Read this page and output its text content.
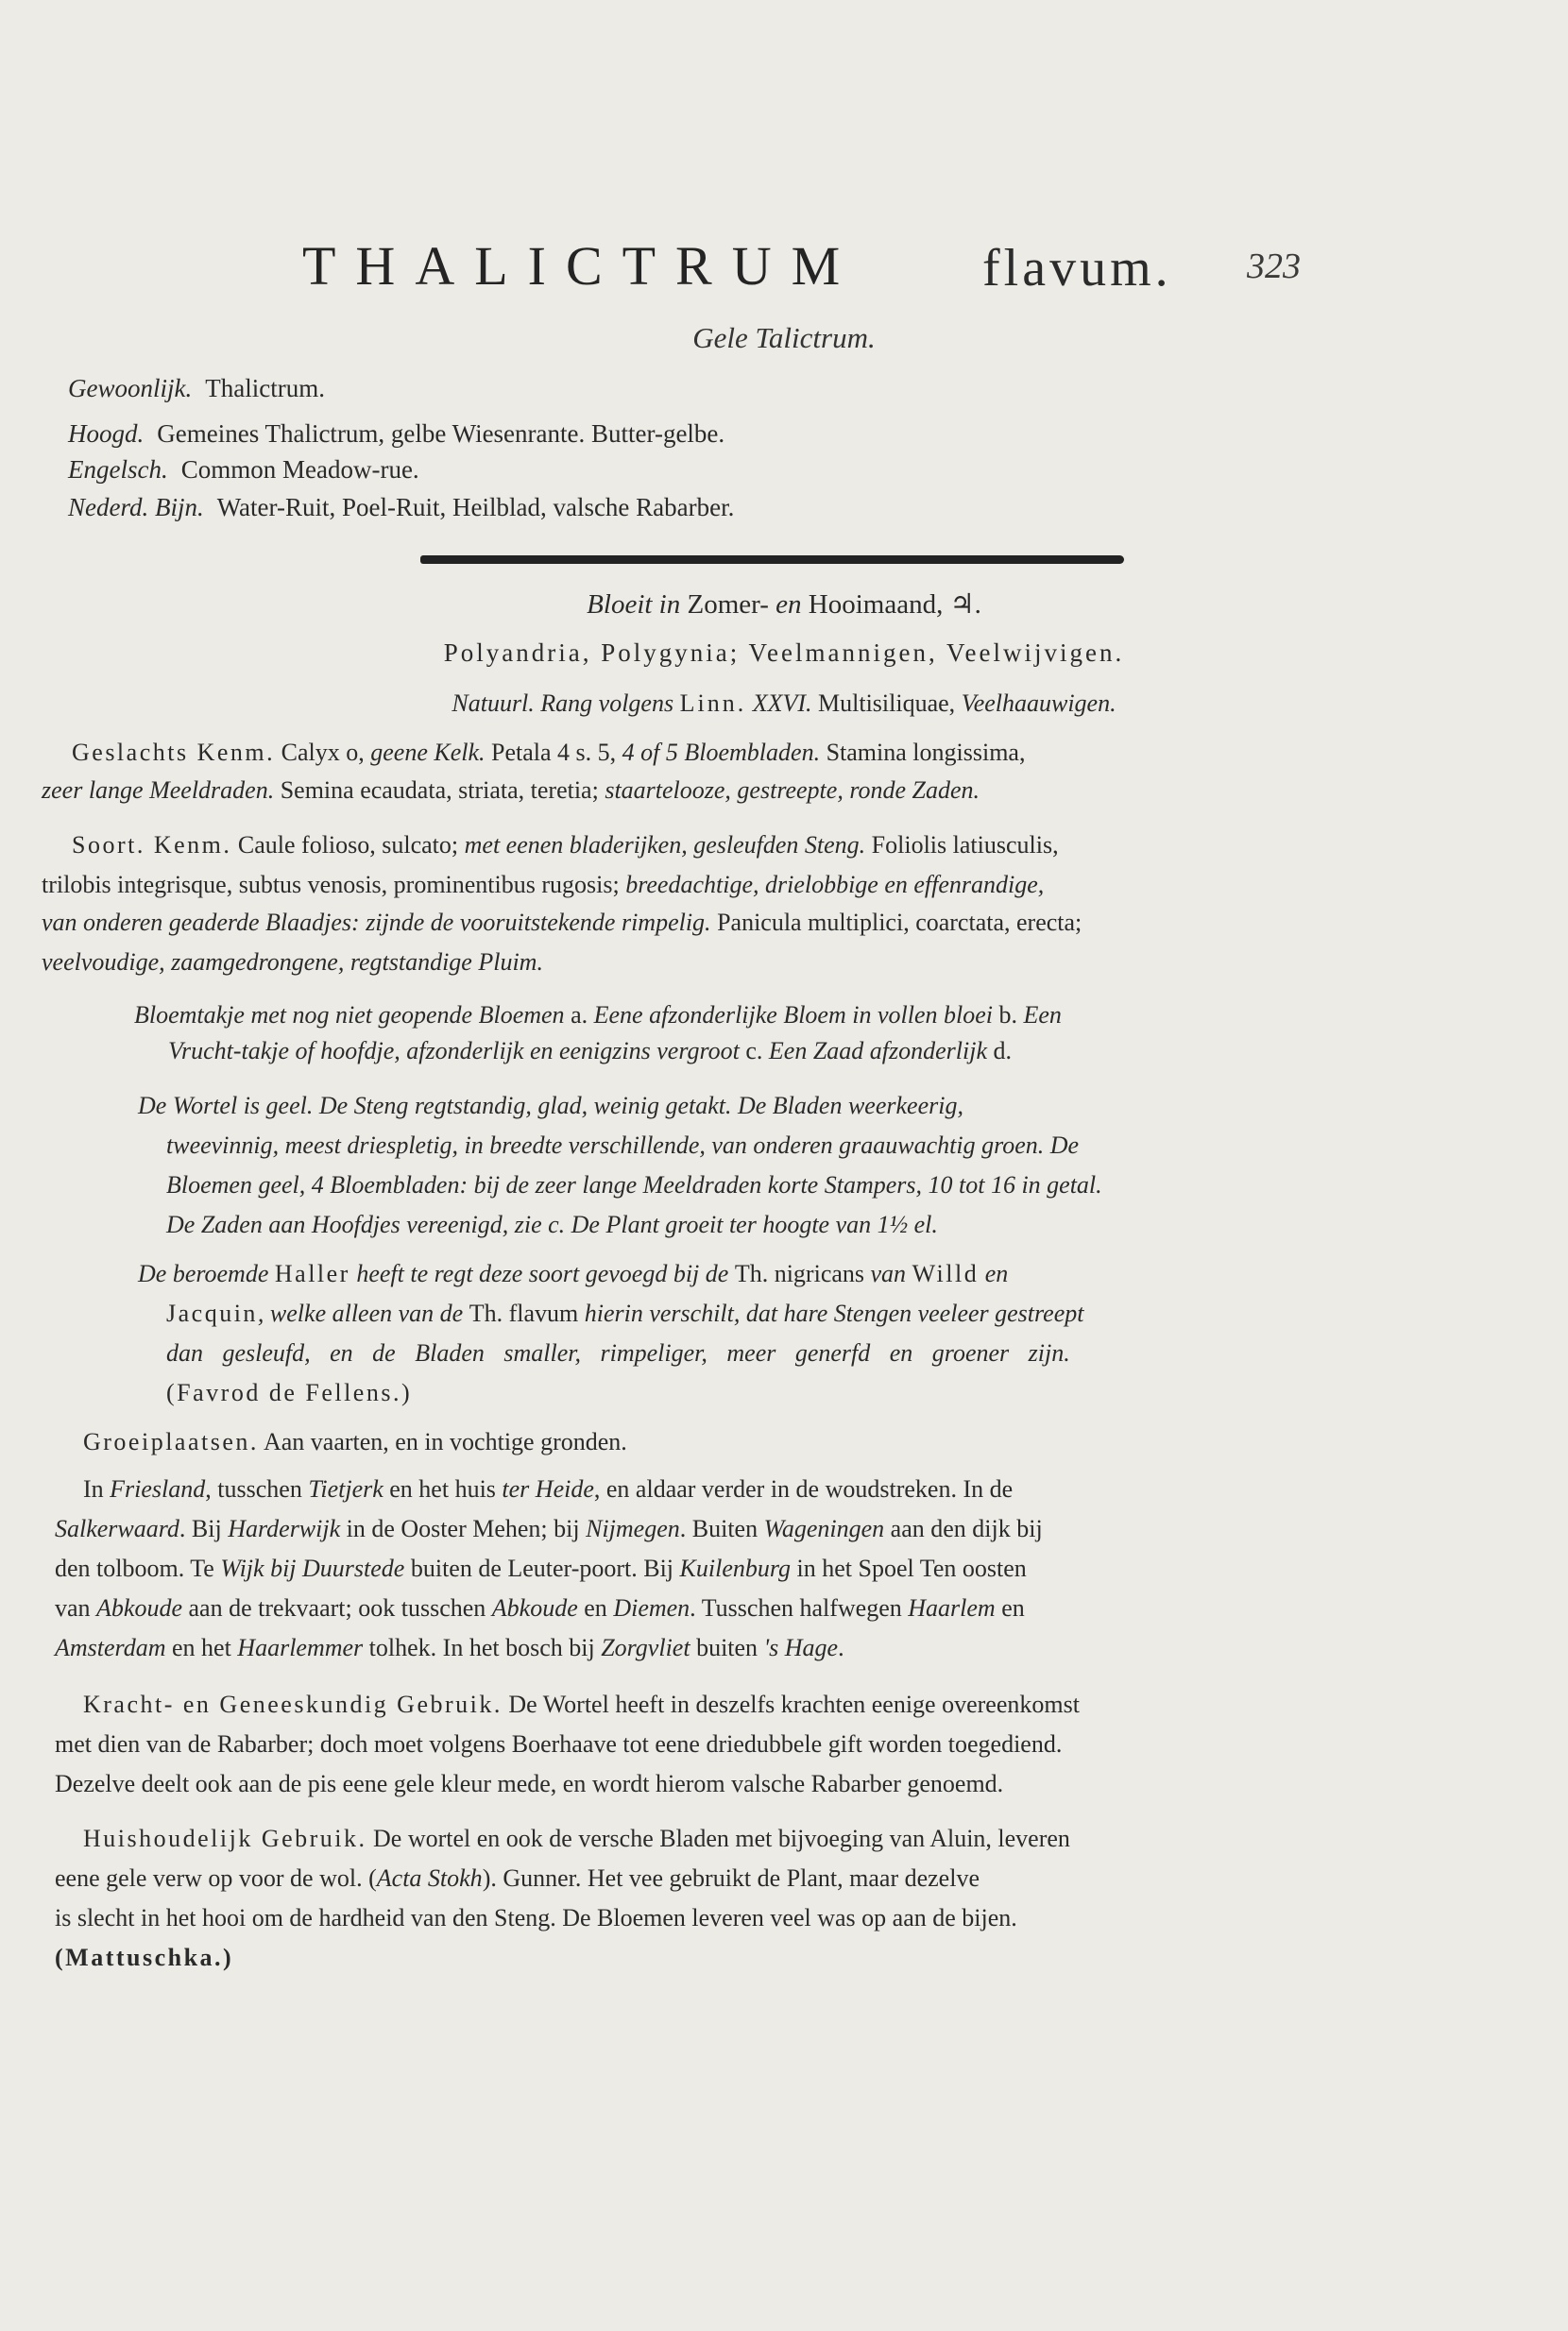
THALICTRUM flavum. 323
Gele Talictrum.
Gewoonlijk. Thalictrum.
Hoogd. Gemeines Thalictrum, gelbe Wiesenrante. Butter-gelbe.
Engelsch. Common Meadow-rue.
Nederd. Bijn. Water-Ruit, Poel-Ruit, Heilblad, valsche Rabarber.
Bloeit in Zomer- en Hooimaand, ♃.
Polyandria, Polygynia; Veelmannigen, Veelwijvigen.
Natuurl. Rang volgens Linn. XXVI. Multisiliquae, Veelhaauwigen.
Geslachts Kenm. Calyx o, geene Kelk. Petala 4 s. 5, 4 of 5 Bloembladen. Stamina longissima,
zeer lange Meeldraden. Semina ecaudata, striata, teretia; staartelooze, gestreepte, ronde Zaden.
Soort. Kenm. Caule folioso, sulcato; met eenen bladerijken, gesleufden Steng. Foliolis latiusculis,
trilobis integrisque, subtus venosis, prominentibus rugosis; breedachtige, drielobbige en effenrandige,
van onderen geaderde Blaadjes: zijnde de vooruitstekende rimpelig. Panicula multiplici, coarctata, erecta;
veelvoudige, zaamgedrongene, regtstandige Pluim.
Bloemtakje met nog niet geopende Bloemen a. Eene afzonderlijke Bloem in vollen bloei b. Een
Vrucht-takje of hoofdje, afzonderlijk en eenigzins vergroot c. Een Zaad afzonderlijk d.
De Wortel is geel. De Steng regtstandig, glad, weinig getakt. De Bladen weerkeerig,
tweevinnig, meest driespletig, in breedte verschillende, van onderen graauwachtig groen. De
Bloemen geel, 4 Bloembladen: bij de zeer lange Meeldraden korte Stampers, 10 tot 16 in getal.
De Zaden aan Hoofdjes vereenigd, zie c. De Plant groeit ter hoogte van 1½ el.
De beroemde Haller heeft te regt deze soort gevoegd bij de Th. nigricans van Willd en
Jacquin, welke alleen van de Th. flavum hierin verschilt, dat hare Stengen veeleer gestreept
dan gesleufd, en de Bladen smaller, rimpeliger, meer generfd en groener zijn.
(Favrod de Fellens.)
Groeiplaatsen. Aan vaarten, en in vochtige gronden.
In Friesland, tusschen Tietjerk en het huis ter Heide, en aldaar verder in de woudstreken. In de
Salkerwaard. Bij Harderwijk in de Ooster Mehen; bij Nijmegen. Buiten Wageningen aan den dijk bij
den tolboom. Te Wijk bij Duurstede buiten de Leuter-poort. Bij Kuilenburg in het Spoel Ten oosten
van Abkoude aan de trekvaart; ook tusschen Abkoude en Diemen. Tusschen halfwegen Haarlem en
Amsterdam en het Haarlemmer tolhek. In het bosch bij Zorgvliet buiten 's Hage.
Kracht- en Geneeskundig Gebruik. De Wortel heeft in deszelfs krachten eenige overeenkomst
met dien van de Rabarber; doch moet volgens Boerhaave tot eene driedubbele gift worden toegediend.
Dezelve deelt ook aan de pis eene gele kleur mede, en wordt hierom valsche Rabarber genoemd.
Huishoudelijk Gebruik. De wortel en ook de versche Bladen met bijvoeging van Aluin, leveren
eene gele verw op voor de wol. (Acta Stokh). Gunner. Het vee gebruikt de Plant, maar dezelve
is slecht in het hooi om de hardheid van den Steng. De Bloemen leveren veel was op aan de bijen.
(Mattuschka.)
